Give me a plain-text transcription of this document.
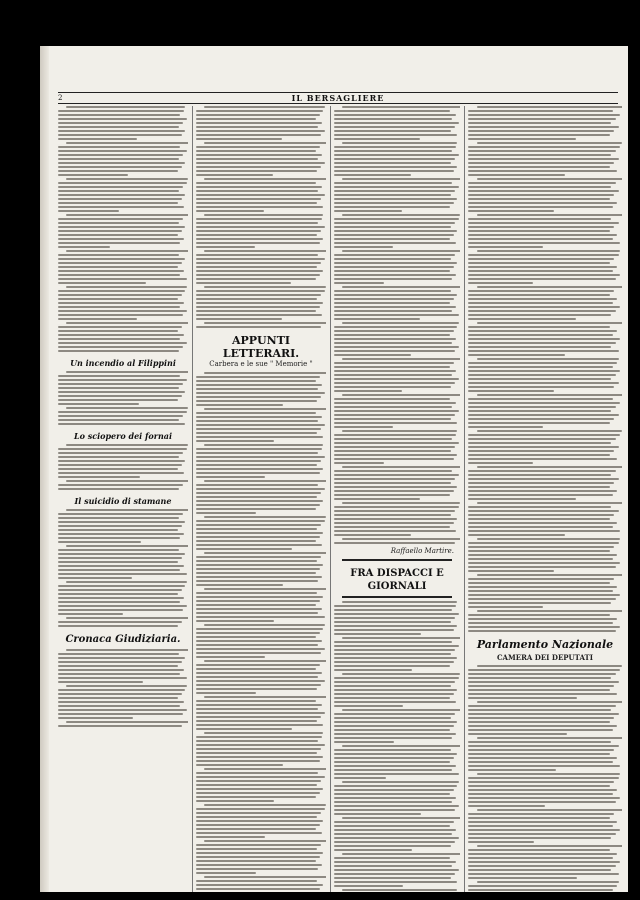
2	IL BERSAGLIERE
Un incendio al Filippini
Lo sciopero dei fornai
Il suicidio di stamane
Cronaca Giudiziaria.
APPUNTI LETTERARI.
Carbera e le sue " Memorie "
Raffaello Martire.
FRA DISPACCI E GIORNALI
Parlamento Nazionale
CAMERA DEI DEPUTATI
